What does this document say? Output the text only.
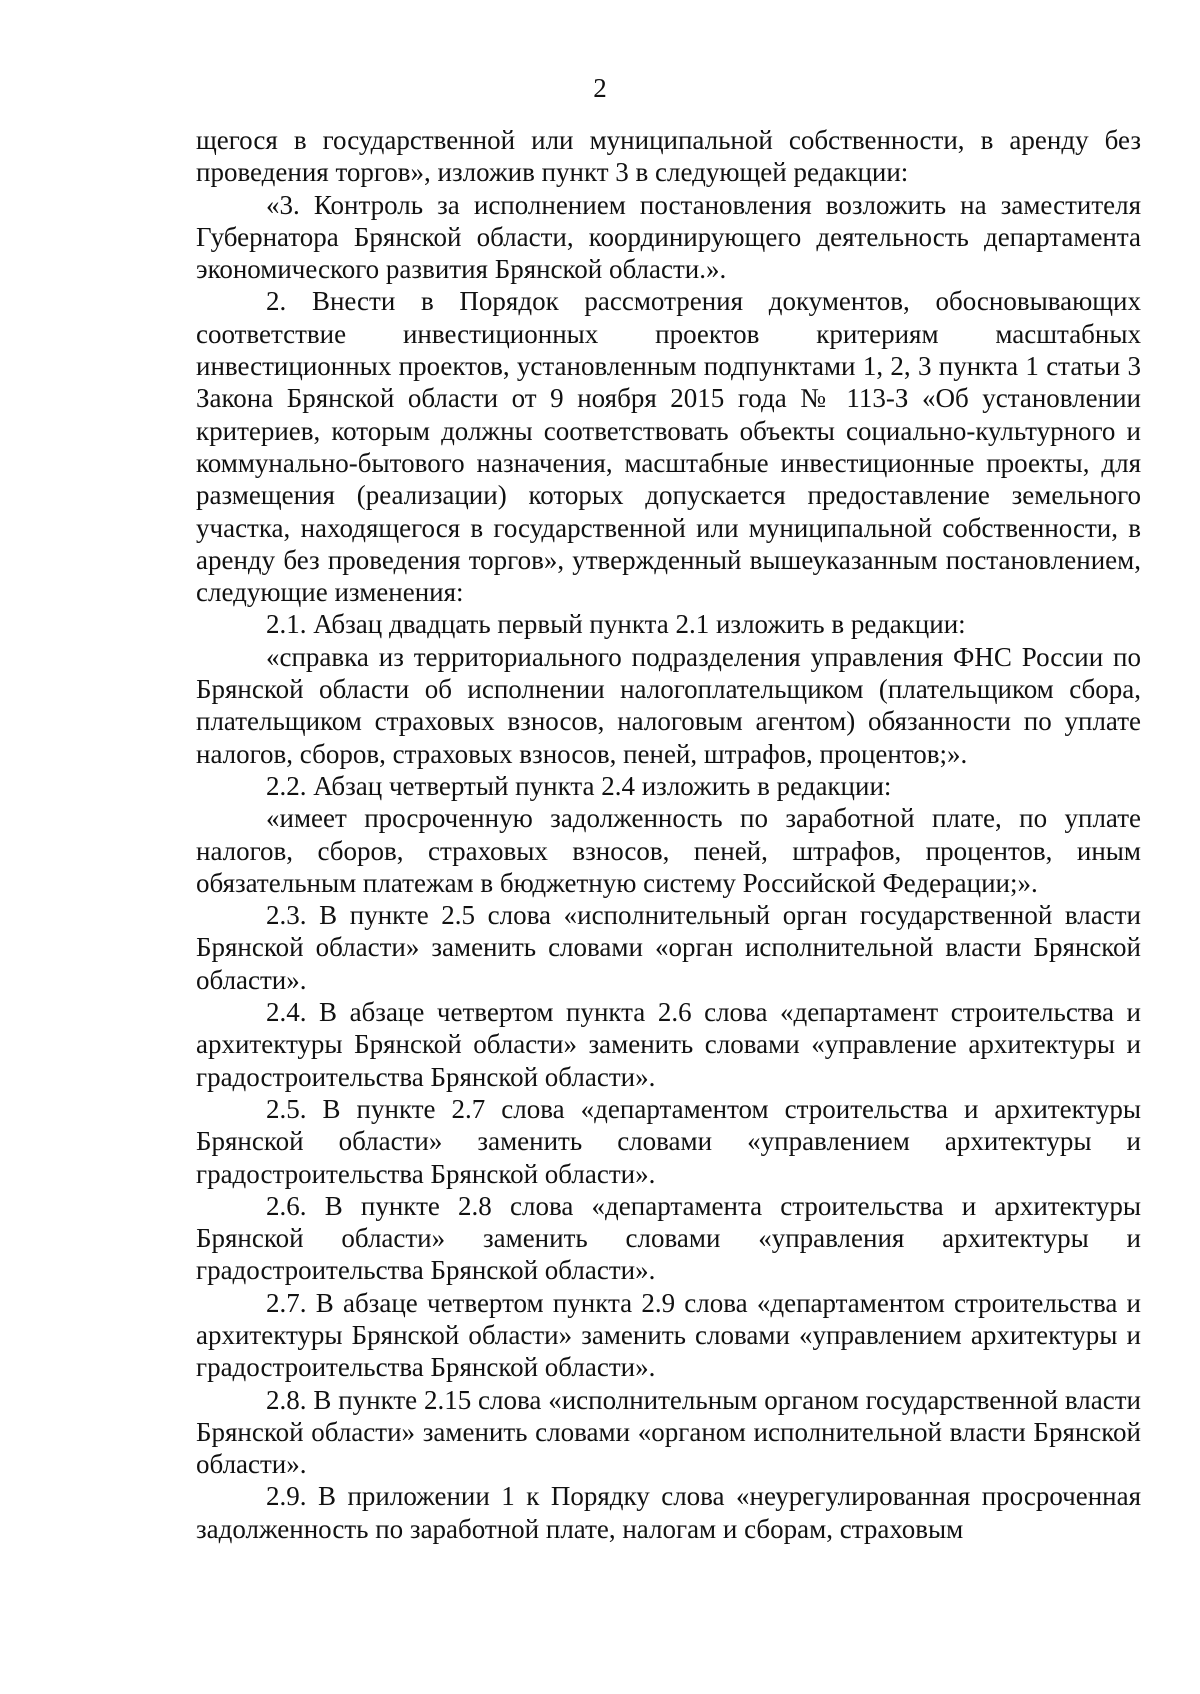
2

щегося в государственной или муниципальной собственности, в аренду без проведения торгов», изложив пункт 3 в следующей редакции:

«3. Контроль за исполнением постановления возложить на заместителя Губернатора Брянской области, координирующего деятельность департамента экономического развития Брянской области.».

2. Внести в Порядок рассмотрения документов, обосновывающих соответствие инвестиционных проектов критериям масштабных инвестиционных проектов, установленным подпунктами 1, 2, 3 пункта 1 статьи 3 Закона Брянской области от 9 ноября 2015 года № 113-З «Об установлении критериев, которым должны соответствовать объекты социально-культурного и коммунально-бытового назначения, масштабные инвестиционные проекты, для размещения (реализации) которых допускается предоставление земельного участка, находящегося в государственной или муниципальной собственности, в аренду без проведения торгов», утвержденный вышеуказанным постановлением, следующие изменения:

2.1. Абзац двадцать первый пункта 2.1 изложить в редакции:

«справка из территориального подразделения управления ФНС России по Брянской области об исполнении налогоплательщиком (плательщиком сбора, плательщиком страховых взносов, налоговым агентом) обязанности по уплате налогов, сборов, страховых взносов, пеней, штрафов, процентов;».

2.2. Абзац четвертый пункта 2.4 изложить в редакции:

«имеет просроченную задолженность по заработной плате, по уплате налогов, сборов, страховых взносов, пеней, штрафов, процентов, иным обязательным платежам в бюджетную систему Российской Федерации;».

2.3. В пункте 2.5 слова «исполнительный орган государственной власти Брянской области» заменить словами «орган исполнительной власти Брянской области».

2.4. В абзаце четвертом пункта 2.6 слова «департамент строительства и архитектуры Брянской области» заменить словами «управление архитектуры и градостроительства Брянской области».

2.5. В пункте 2.7 слова «департаментом строительства и архитектуры Брянской области» заменить словами «управлением архитектуры и градостроительства Брянской области».

2.6. В пункте 2.8 слова «департамента строительства и архитектуры Брянской области» заменить словами «управления архитектуры и градостроительства Брянской области».

2.7. В абзаце четвертом пункта 2.9 слова «департаментом строительства и архитектуры Брянской области» заменить словами «управлением архитектуры и градостроительства Брянской области».

2.8. В пункте 2.15 слова «исполнительным органом государственной власти Брянской области» заменить словами «органом исполнительной власти Брянской области».

2.9. В приложении 1 к Порядку слова «неурегулированная просроченная задолженность по заработной плате, налогам и сборам, страховым
